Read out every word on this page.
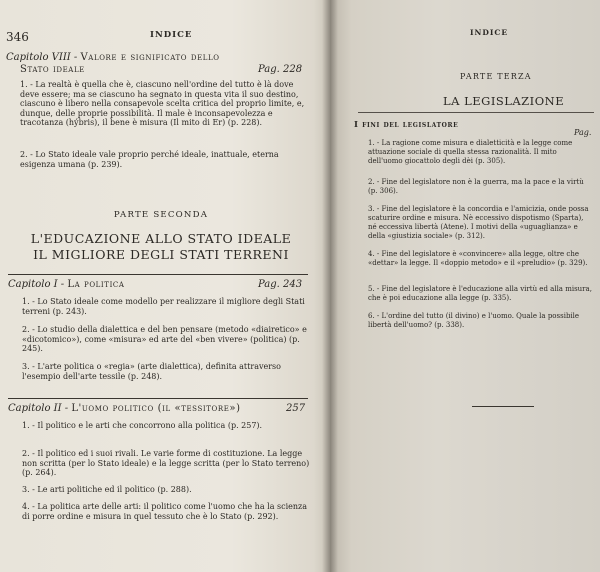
346	INDICE
Capitolo VIII - Valore e significato dello
Stato ideale	Pag. 228
1. - La realtà è quella che è, ciascuno nell'ordine del tutto è là dove deve essere; ma se ciascuno ha segnato in questa vita il suo destino, ciascuno è libero nella consapevole scelta critica del proprio limite, e, dunque, delle proprie possibilità. Il male è inconsapevolezza e tracotanza (hýbris), il bene è misura (Il mito di Er) (p. 228).
2. - Lo Stato ideale vale proprio perché ideale, inattuale, eterna esigenza umana (p. 239).
PARTE SECONDA
L'EDUCAZIONE ALLO STATO IDEALE
IL MIGLIORE DEGLI STATI TERRENI
Capitolo I - La politica	Pag. 243
1. - Lo Stato ideale come modello per realizzare il migliore degli Stati terreni (p. 243).
2. - Lo studio della dialettica e del ben pensare (metodo «diairetico» e «dicotomico»), come «misura» ed arte del «ben vivere» (politica) (p. 245).
3. - L'arte politica o «regia» (arte dialettica), definita attraverso l'esempio dell'arte tessile (p. 248).
Capitolo II - L'uomo politico (il «tessitore»)	257
1. - Il politico e le arti che concorrono alla politica (p. 257).
2. - Il politico ed i suoi rivali. Le varie forme di costituzione. La legge non scritta (per lo Stato ideale) e la legge scritta (per lo Stato terreno) (p. 264).
3. - Le arti politiche ed il politico (p. 288).
4. - La politica arte delle arti: il politico come l'uomo che ha la scienza di porre ordine e misura in quel tessuto che è lo Stato (p. 292).
INDICE
PARTE TERZA
LA LEGISLAZIONE
I fini del legislatore
Pag.
1. - La ragione come misura e dialetticità e la legge come attuazione sociale di quella stessa razionalità. Il mito dell'uomo giocattolo degli dèi (p. 305).
2. - Fine del legislatore non è la guerra, ma la pace e la virtù (p. 306).
3. - Fine del legislatore è la concordia e l'amicizia, onde possa scaturire ordine e misura. Nè eccessivo dispotismo (Sparta), né eccessiva libertà (Atene). I motivi della «uguaglianza» e della «giustizia sociale» (p. 312).
4. - Fine del legislatore è «convincere» alla legge, oltre che «dettar» la legge. Il «doppio metodo» e il «preludio» (p. 329).
5. - Fine del legislatore è l'educazione alla virtù ed alla misura, che è poi educazione alla legge (p. 335).
6. - L'ordine del tutto (il divino) e l'uomo. Quale la possibile libertà dell'uomo? (p. 338).
